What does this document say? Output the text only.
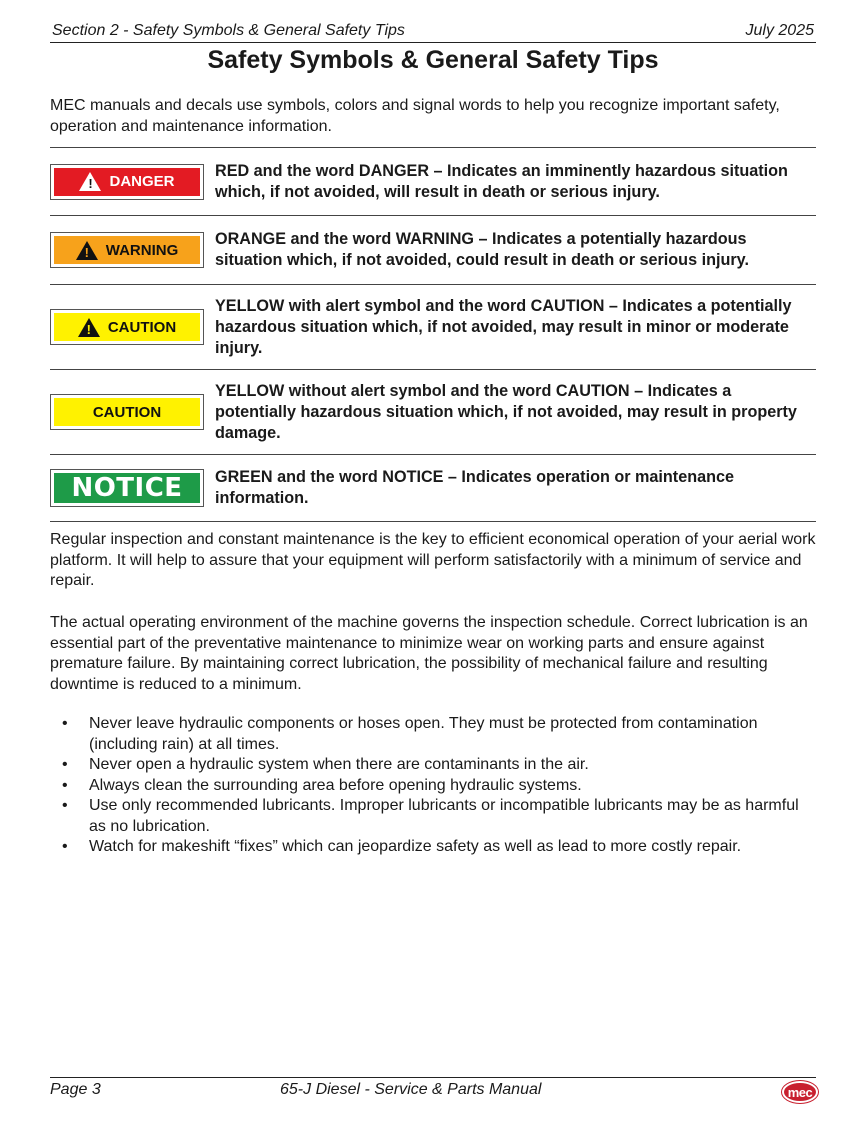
Section 2 - Safety Symbols & General Safety Tips	July 2025
Safety Symbols & General Safety Tips

MEC manuals and decals use symbols, colors and signal words to help you recognize important safety, operation and maintenance information.

! DANGER
RED and the word DANGER – Indicates an imminently hazardous situation which, if not avoided, will result in death or serious injury.
! WARNING
ORANGE and the word WARNING – Indicates a potentially hazardous situation which, if not avoided, could result in death or serious injury.
! CAUTION
YELLOW with alert symbol and the word CAUTION – Indicates a potentially hazardous situation which, if not avoided, may result in minor or moderate injury.
CAUTION
YELLOW without alert symbol and the word CAUTION – Indicates a potentially hazardous situation which, if not avoided, may result in property damage.
NOTICE	GREEN and the word NOTICE – Indicates operation or maintenance information.

Regular inspection and constant maintenance is the key to efficient economical operation of your aerial work platform. It will help to assure that your equipment will perform satisfactorily with a minimum of service and repair.

The actual operating environment of the machine governs the inspection schedule. Correct lubrication is an essential part of the preventative maintenance to minimize wear on working parts and ensure against premature failure. By maintaining correct lubrication, the possibility of mechanical failure and resulting downtime is reduced to a minimum.

• Never leave hydraulic components or hoses open. They must be protected from contamination (including rain) at all times.
• Never open a hydraulic system when there are contaminants in the air.
• Always clean the surrounding area before opening hydraulic systems.
• Use only recommended lubricants. Improper lubricants or incompatible lubricants may be as harmful as no lubrication.
• Watch for makeshift “fixes” which can jeopardize safety as well as lead to more costly repair.
Page 3	65-J Diesel - Service & Parts Manual	mec
